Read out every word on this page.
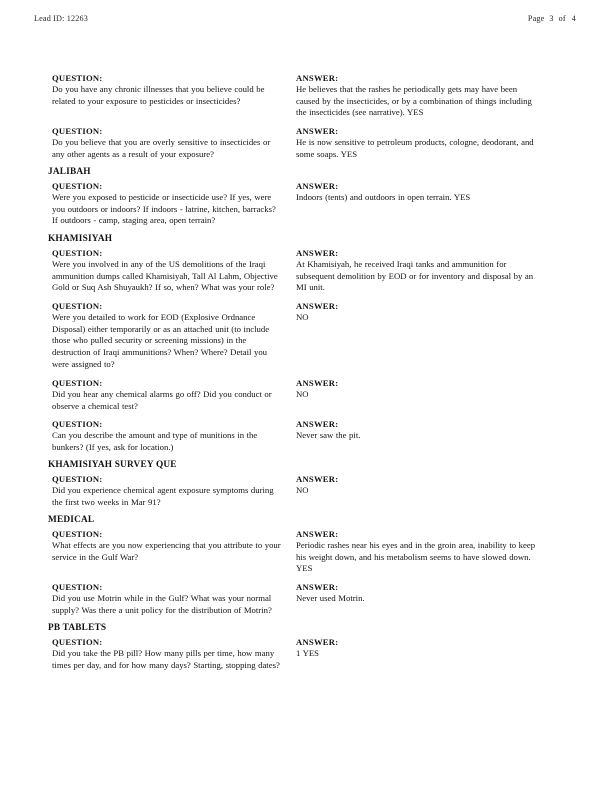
Lead ID: 12263	Page 3 of 4
QUESTION:
Do you have any chronic illnesses that you believe could be related to your exposure to pesticides or insecticides?
ANSWER:
He believes that the rashes he periodically gets may have been caused by the insecticides, or by a combination of things including the insecticides (see narrative). YES
QUESTION:
Do you believe that you are overly sensitive to insecticides or any other agents as a result of your exposure?
ANSWER:
He is now sensitive to petroleum products, cologne, deodorant, and some soaps. YES
JALIBAH
QUESTION:
Were you exposed to pesticide or insecticide use? If yes, were you outdoors or indoors? If indoors - latrine, kitchen, barracks? If outdoors - camp, staging area, open terrain?
ANSWER:
Indoors (tents) and outdoors in open terrain. YES
KHAMISIYAH
QUESTION:
Were you involved in any of the US demolitions of the Iraqi ammunition dumps called Khamisiyah, Tall Al Lahm, Objective Gold or Suq Ash Shuyaukh? If so, when? What was your role?
ANSWER:
At Khamisiyah, he received Iraqi tanks and ammunition for subsequent demolition by EOD or for inventory and disposal by an MI unit.
QUESTION:
Were you detailed to work for EOD (Explosive Ordnance Disposal) either temporarily or as an attached unit (to include those who pulled security or screening missions) in the destruction of Iraqi ammunitions? When? Where? Detail you were assigned to?
ANSWER:
NO
QUESTION:
Did you hear any chemical alarms go off? Did you conduct or observe a chemical test?
ANSWER:
NO
QUESTION:
Can you describe the amount and type of munitions in the bunkers? (If yes, ask for location.)
ANSWER:
Never saw the pit.
KHAMISIYAH SURVEY QUE
QUESTION:
Did you experience chemical agent exposure symptoms during the first two weeks in Mar 91?
ANSWER:
NO
MEDICAL
QUESTION:
What effects are you now experiencing that you attribute to your service in the Gulf War?
ANSWER:
Periodic rashes near his eyes and in the groin area, inability to keep his weight down, and his metabolism seems to have slowed down. YES
QUESTION:
Did you use Motrin while in the Gulf? What was your normal supply? Was there a unit policy for the distribution of Motrin?
ANSWER:
Never used Motrin.
PB TABLETS
QUESTION:
Did you take the PB pill? How many pills per time, how many times per day, and for how many days? Starting, stopping dates?
ANSWER:
1 YES
